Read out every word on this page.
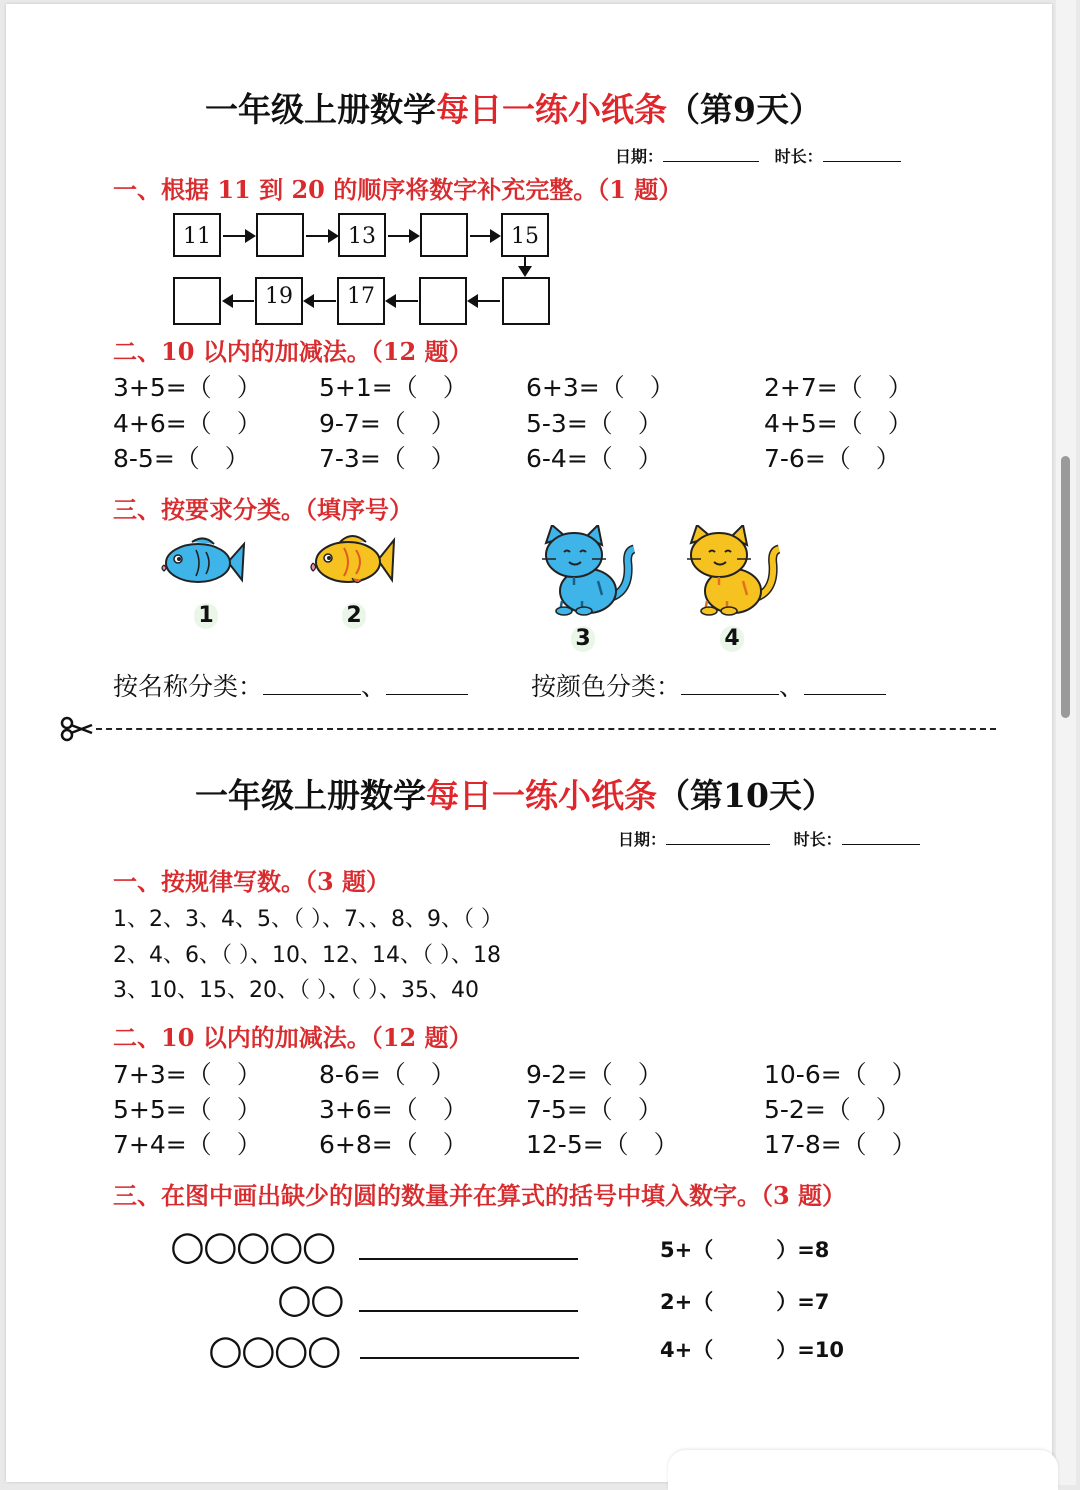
一年级上册数学每日一练小纸条（第9天）
日期：	时长：
一、根据 11 到 20 的顺序将数字补充完整。（1 题）
11	13	15
19	17
二、10 以内的加减法。（12 题）
3+5=（　） 5+1=（　） 6+3=（　）	2+7=（　）
4+6=（　） 9-7=（　）	5-3=（　）	4+5=（　）
8-5=（　）	7-3=（　）	6-4=（　）	7-6=（　）
三、按要求分类。（填序号）
1	2
3	4
按名称分类：	、	按颜色分类：	、
一年级上册数学每日一练小纸条（第10天）
日期：	时长：
一、按规律写数。（3 题）
1、2、3、4、5、（ ）、7、、8、9、（ ）
2、4、6、（ ）、10、12、14、（ ）、18
3、10、15、20、（ ）、（ ）、35、40
二、10 以内的加减法。（12 题）
7+3=（　） 8-6=（　）	9-2=（　）	10-6=（　）
5+5=（　） 3+6=（　） 7-5=（　）	5-2=（　）
7+4=（　） 6+8=（　） 12-5=（　）	17-8=（　）
三、在图中画出缺少的圆的数量并在算式的括号中填入数字。（3 题）
○○○○○	5+（　　　）=8
○○	2+（　　　）=7
○○○○	4+（　　　）=10
